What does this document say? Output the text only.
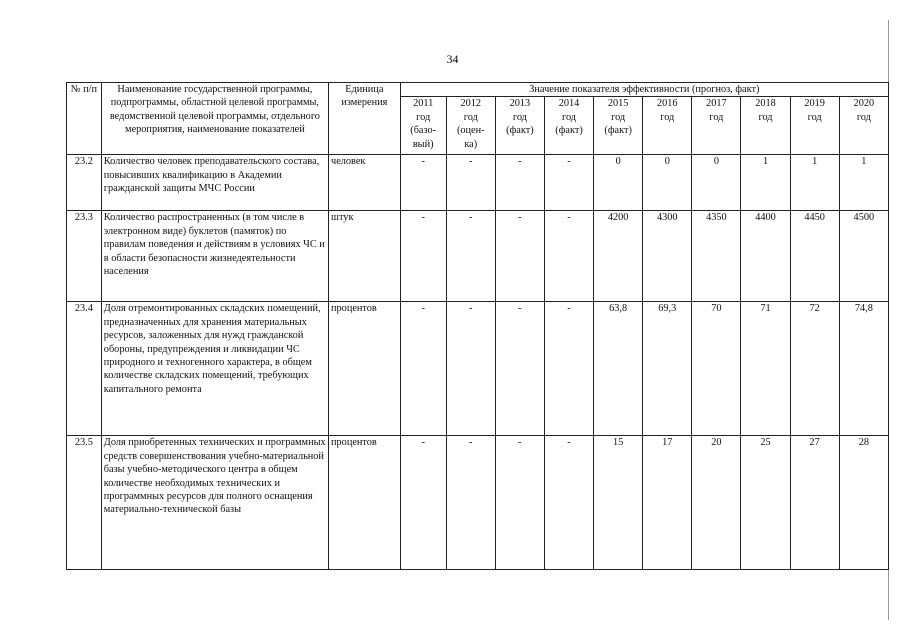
34
№ п/п	Наименование государственной программы, подпрограммы, областной целевой программы, ведомственной целевой программы, отдельного мероприятия, наименование показателей	Единица измерения	Значение показателя эффективности (прогноз, факт)									
			2011
год
(базо-
вый)	2012
год
(оцен-
ка)	2013
год
(факт)	2014
год
(факт)	2015
год
(факт)	2016
год	2017
год	2018
год	2019
год	2020
год
23.2	Количество человек преподавательского состава, повысивших квалификацию в Академии гражданской защиты МЧС России	человек	-	-	-	-	0	0	0	1	1	1
23.3	Количество распространенных (в том числе в электронном виде) буклетов (памяток) по правилам поведения и действиям в условиях ЧС и в области безопасности жизнедеятельности населения	штук	-	-	-	-	4200	4300	4350	4400	4450	4500
23.4	Доля отремонтированных складских помещений, предназначенных для хранения материальных ресурсов, заложенных для нужд гражданской обороны, предупреждения и ликвидации ЧС природного и техногенного характера, в общем количестве складских помещений, требующих капитального ремонта	процентов	-	-	-	-	63,8	69,3	70	71	72	74,8
23.5	Доля приобретенных технических и программных средств совершенствования учебно-материальной базы учебно-методического центра в общем количестве необходимых технических и программных ресурсов для полного оснащения материально-технической базы	процентов	-	-	-	-	15	17	20	25	27	28
